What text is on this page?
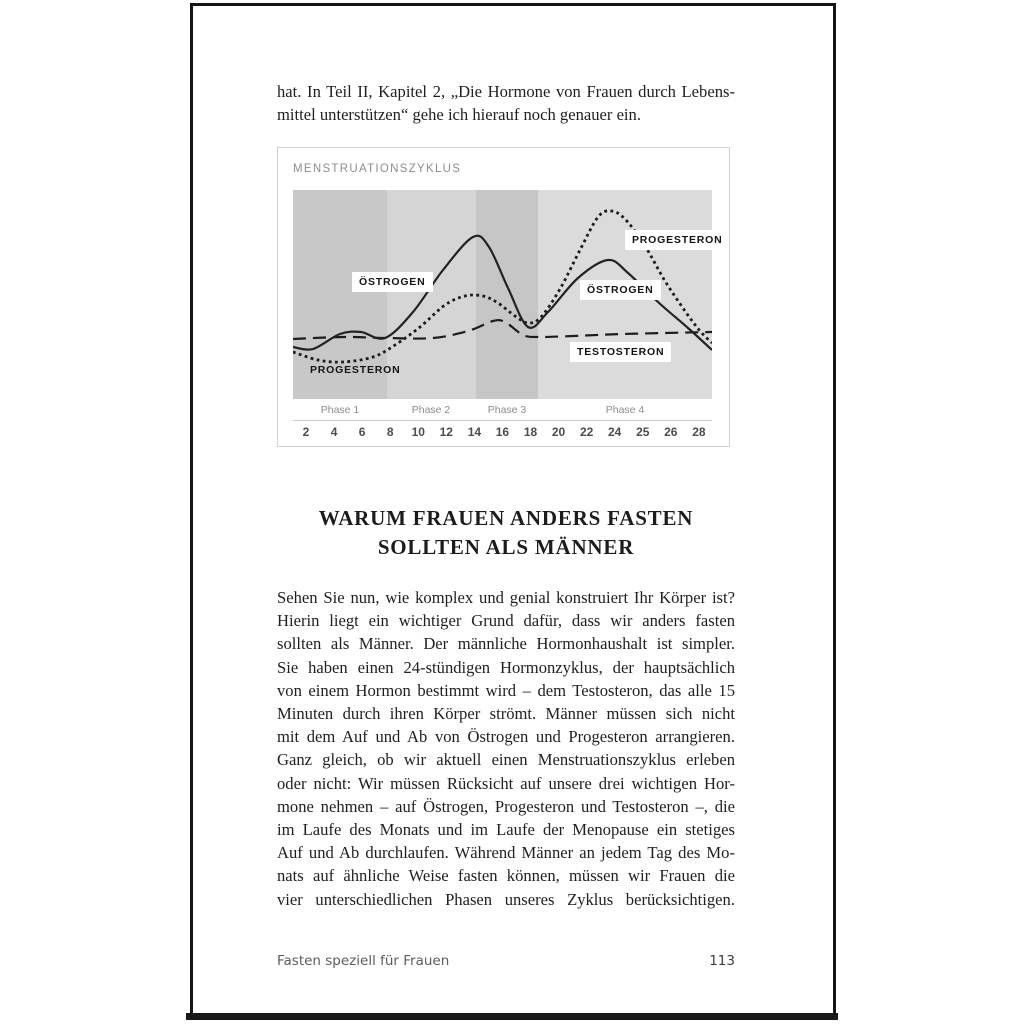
hat. In Teil II, Kapitel 2, „Die Hormone von Frauen durch Lebens-
mittel unterstützen“ gehe ich hierauf noch genauer ein.
MENSTRUATIONSZYKLUS
ÖSTROGEN
PROGESTERON
PROGESTERON
ÖSTROGEN
TESTOSTERON
Phase 1	Phase 2	Phase 3	Phase 4
2	4	6	8	10	12	14	16	18	20	22	24	25	26	28
WARUM FRAUEN ANDERS FASTEN
SOLLTEN ALS MÄNNER
Sehen Sie nun, wie komplex und genial konstruiert Ihr Körper ist?
Hierin liegt ein wichtiger Grund dafür, dass wir anders fasten
sollten als Männer. Der männliche Hormonhaushalt ist simpler.
Sie haben einen 24-stündigen Hormonzyklus, der hauptsächlich
von einem Hormon bestimmt wird – dem Testosteron, das alle 15
Minuten durch ihren Körper strömt. Männer müssen sich nicht
mit dem Auf und Ab von Östrogen und Progesteron arrangieren.
Ganz gleich, ob wir aktuell einen Menstruationszyklus erleben
oder nicht: Wir müssen Rücksicht auf unsere drei wichtigen Hor-
mone nehmen – auf Östrogen, Progesteron und Testosteron –, die
im Laufe des Monats und im Laufe der Menopause ein stetiges
Auf und Ab durchlaufen. Während Männer an jedem Tag des Mo-
nats auf ähnliche Weise fasten können, müssen wir Frauen die
vier unterschiedlichen Phasen unseres Zyklus berücksichtigen.
Fasten speziell für Frauen	113
